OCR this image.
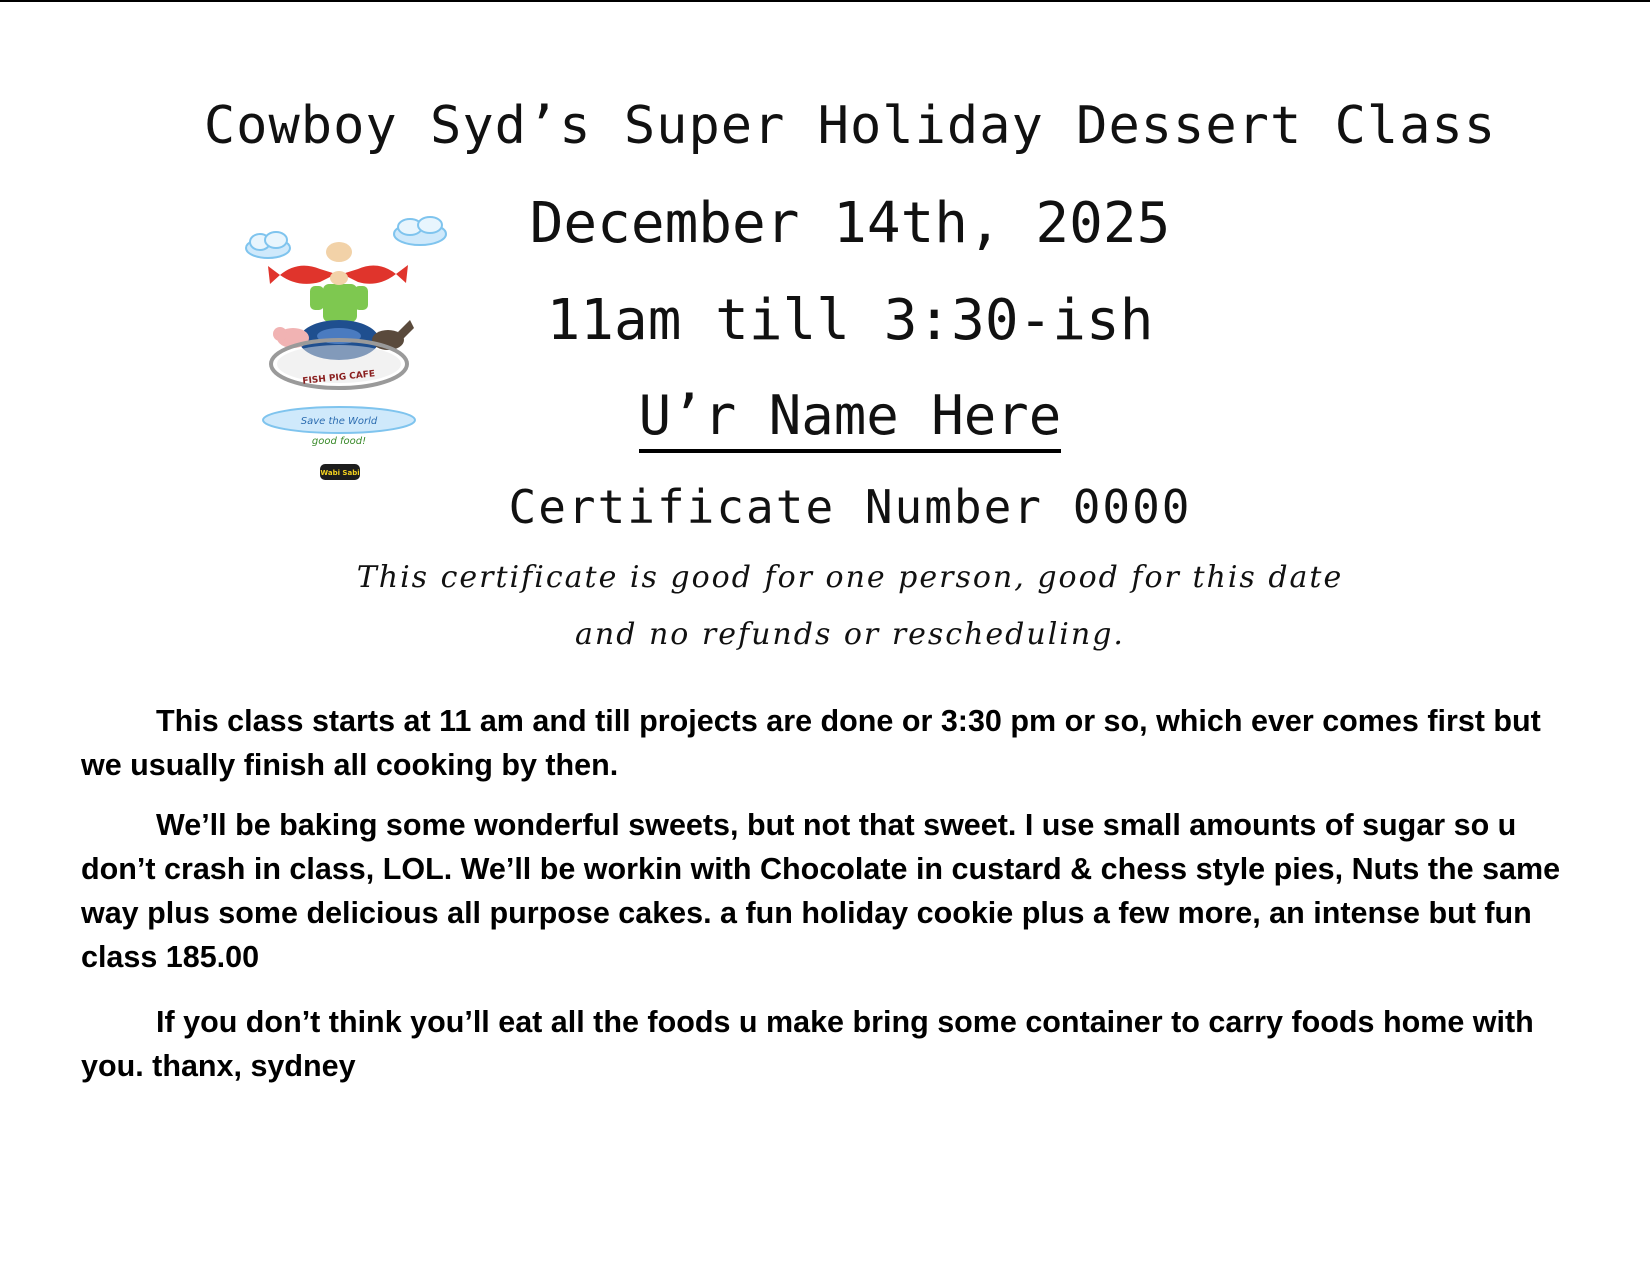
Cowboy Syd’s Super Holiday Dessert Class
December 14th, 2025
11am till 3:30-ish
U’r Name Here
Certificate Number 0000
This certificate is good for one person, good for this date
and no refunds or rescheduling.
FISH PIG CAFE
Save the World
good food!
Wabi Sabi

This class starts at 11 am and till projects are done or 3:30 pm or so, which ever comes first but we usually finish all cooking by then.

We’ll be baking some wonderful sweets, but not that sweet. I use small amounts of sugar so u don’t crash in class, LOL. We’ll be workin with Chocolate in custard & chess style pies, Nuts the same way plus some delicious all purpose cakes. a fun holiday cookie plus a few more, an intense but fun class 185.00

If you don’t think you’ll eat all the foods u make bring some container to carry foods home with you. thanx, sydney
